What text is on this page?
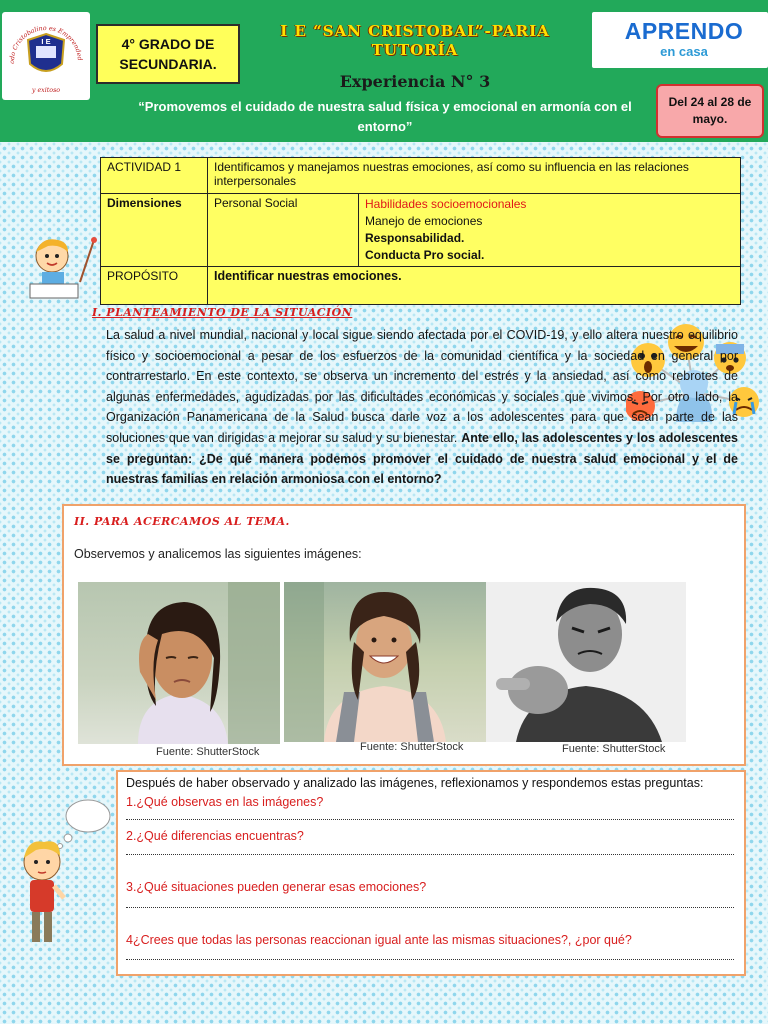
odo Cristobalino es Emprended
I E
y exitoso
4° GRADO DE SECUNDARIA.
I E “SAN CRISTOBAL”-PARIA
TUTORÍA
Experiencia N° 3
“Promovemos el cuidado de nuestra salud física y emocional en armonía con el entorno”
APRENDO
en casa
Del 24 al 28 de mayo.
ACTIVIDAD 1	Identificamos y manejamos nuestras emociones, así como su influencia en las relaciones interpersonales	
Dimensiones	Personal Social	Habilidades socioemocionales
Manejo de emociones
Responsabilidad.
Conducta Pro social.

PROPÓSITO	Identificar nuestras emociones.	
I. PLANTEAMIENTO DE LA SITUACIÓN
La salud a nivel mundial, nacional y local sigue siendo afectada por el COVID-19, y ello altera nuestro equilibrio físico y socioemocional a pesar de los esfuerzos de la comunidad científica y la sociedad en general por contrarrestarlo. En este contexto, se observa un incremento del estrés y la ansiedad, así como rebrotes de algunas enfermedades, agudizadas por las dificultades económicas y sociales que vivimos. Por otro lado, la Organización Panamericana de la Salud busca darle voz a los adolescentes para que sean parte de las soluciones que van dirigidas a mejorar su salud y su bienestar. Ante ello, las adolescentes y los adolescentes se preguntan: ¿De qué manera podemos promover el cuidado de nuestra salud emocional y el de nuestras familias en relación armoniosa con el entorno?
II. PARA ACERCAMOS AL TEMA.
Observemos y analicemos las siguientes imágenes:
Fuente: ShutterStock	Fuente: ShutterStock	Fuente: ShutterStock
Después de haber observado y analizado las imágenes, reflexionamos y respondemos estas preguntas:
1.¿Qué observas en las imágenes?
2.¿Qué diferencias encuentras?
3.¿Qué situaciones pueden generar esas emociones?
4¿Crees que todas las personas reaccionan igual ante las mismas situaciones?, ¿por qué?
